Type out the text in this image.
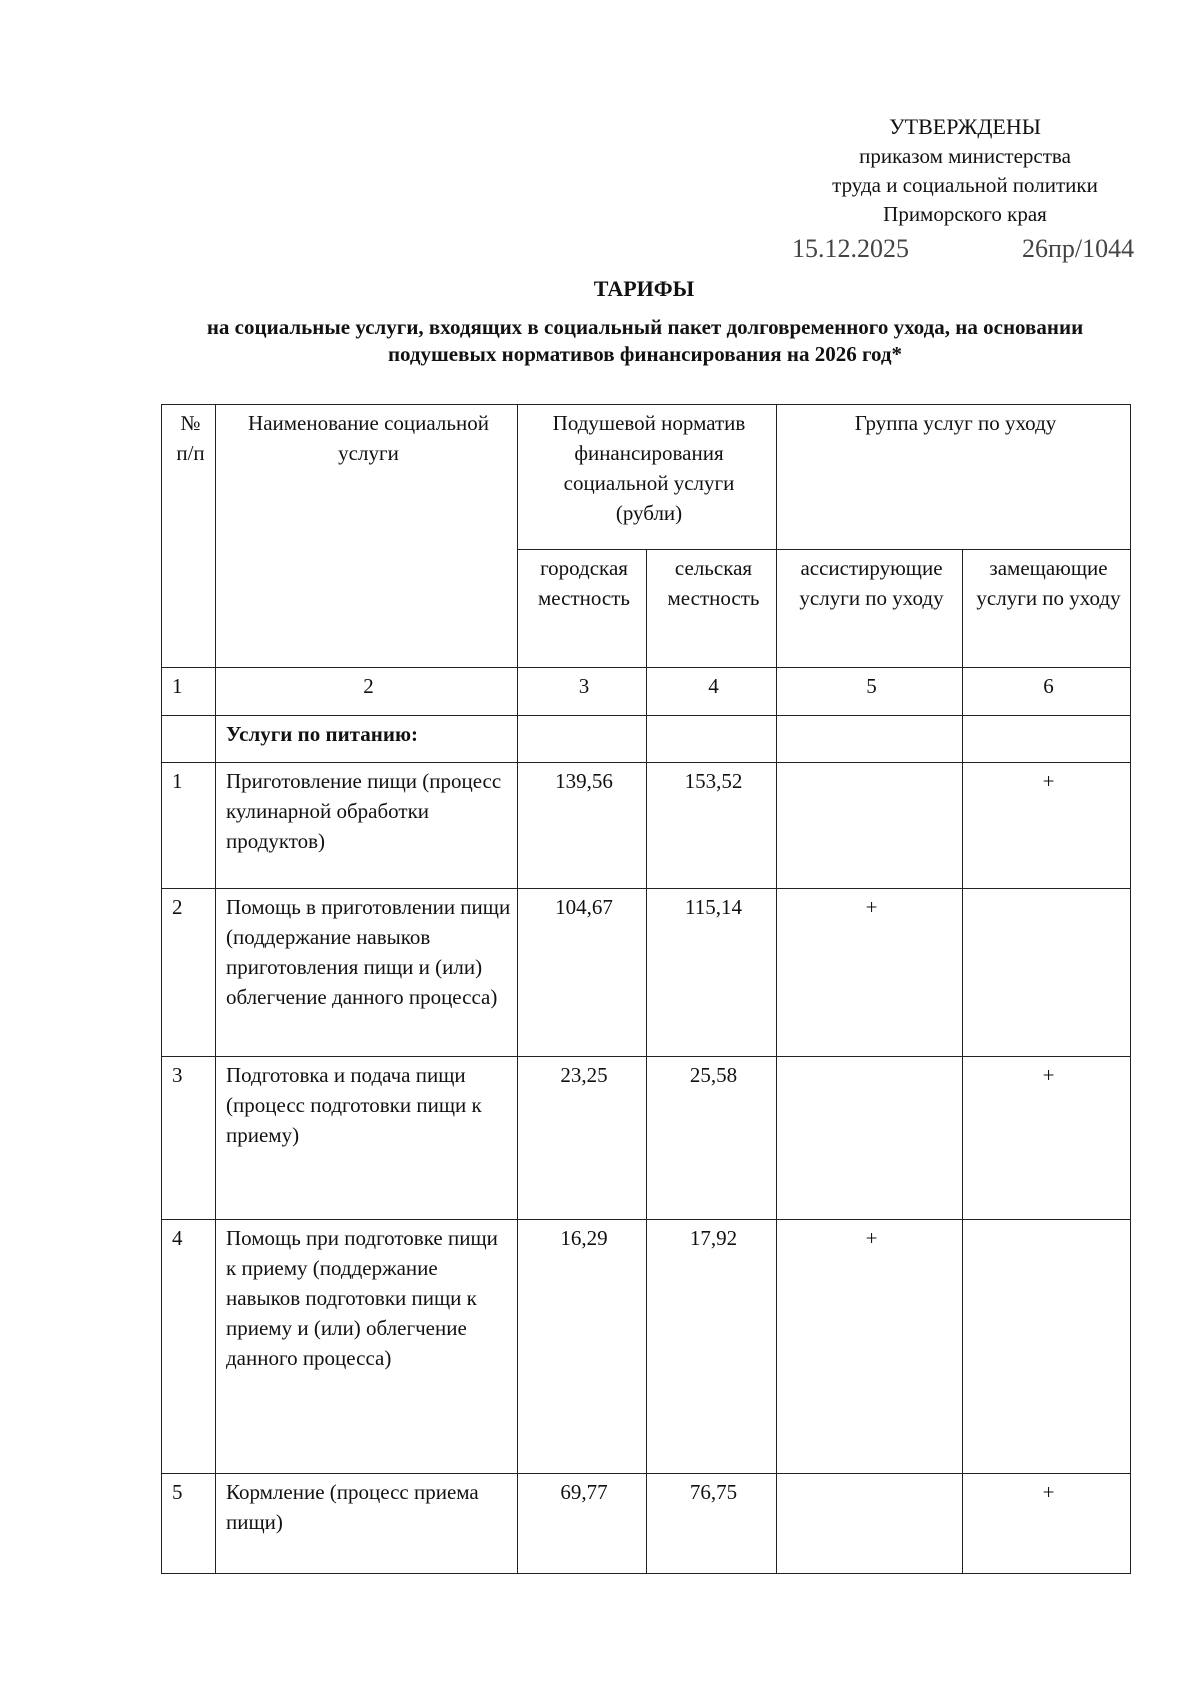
УТВЕРЖДЕНЫ
приказом министерства
труда и социальной политики
Приморского края
15.12.2025	26пр/1044
ТАРИФЫ
на социальные услуги, входящих в социальный пакет долговременного ухода, на основании подушевых нормативов финансирования на 2026 год*
№ п/п	Наименование социальной услуги	Подушевой норматив финансирования социальной услуги (рубли)		Группа услуг по уходу	
		городская местность	сельская местность	ассистирующие услуги по уходу	замещающие услуги по уходу
1	2	3	4	5	6
	Услуги по питанию:				
1	Приготовление пищи (процесс кулинарной обработки продуктов)	139,56	153,52		+
2	Помощь в приготовлении пищи (поддержание навыков приготовления пищи и (или) облегчение данного процесса)	104,67	115,14	+	
3	Подготовка и подача пищи (процесс подготовки пищи к приему)	23,25	25,58		+
4	Помощь при подготовке пищи к приему (поддержание навыков подготовки пищи к приему и (или) облегчение данного процесса)	16,29	17,92	+	
5	Кормление (процесс приема пищи)	69,77	76,75		+
